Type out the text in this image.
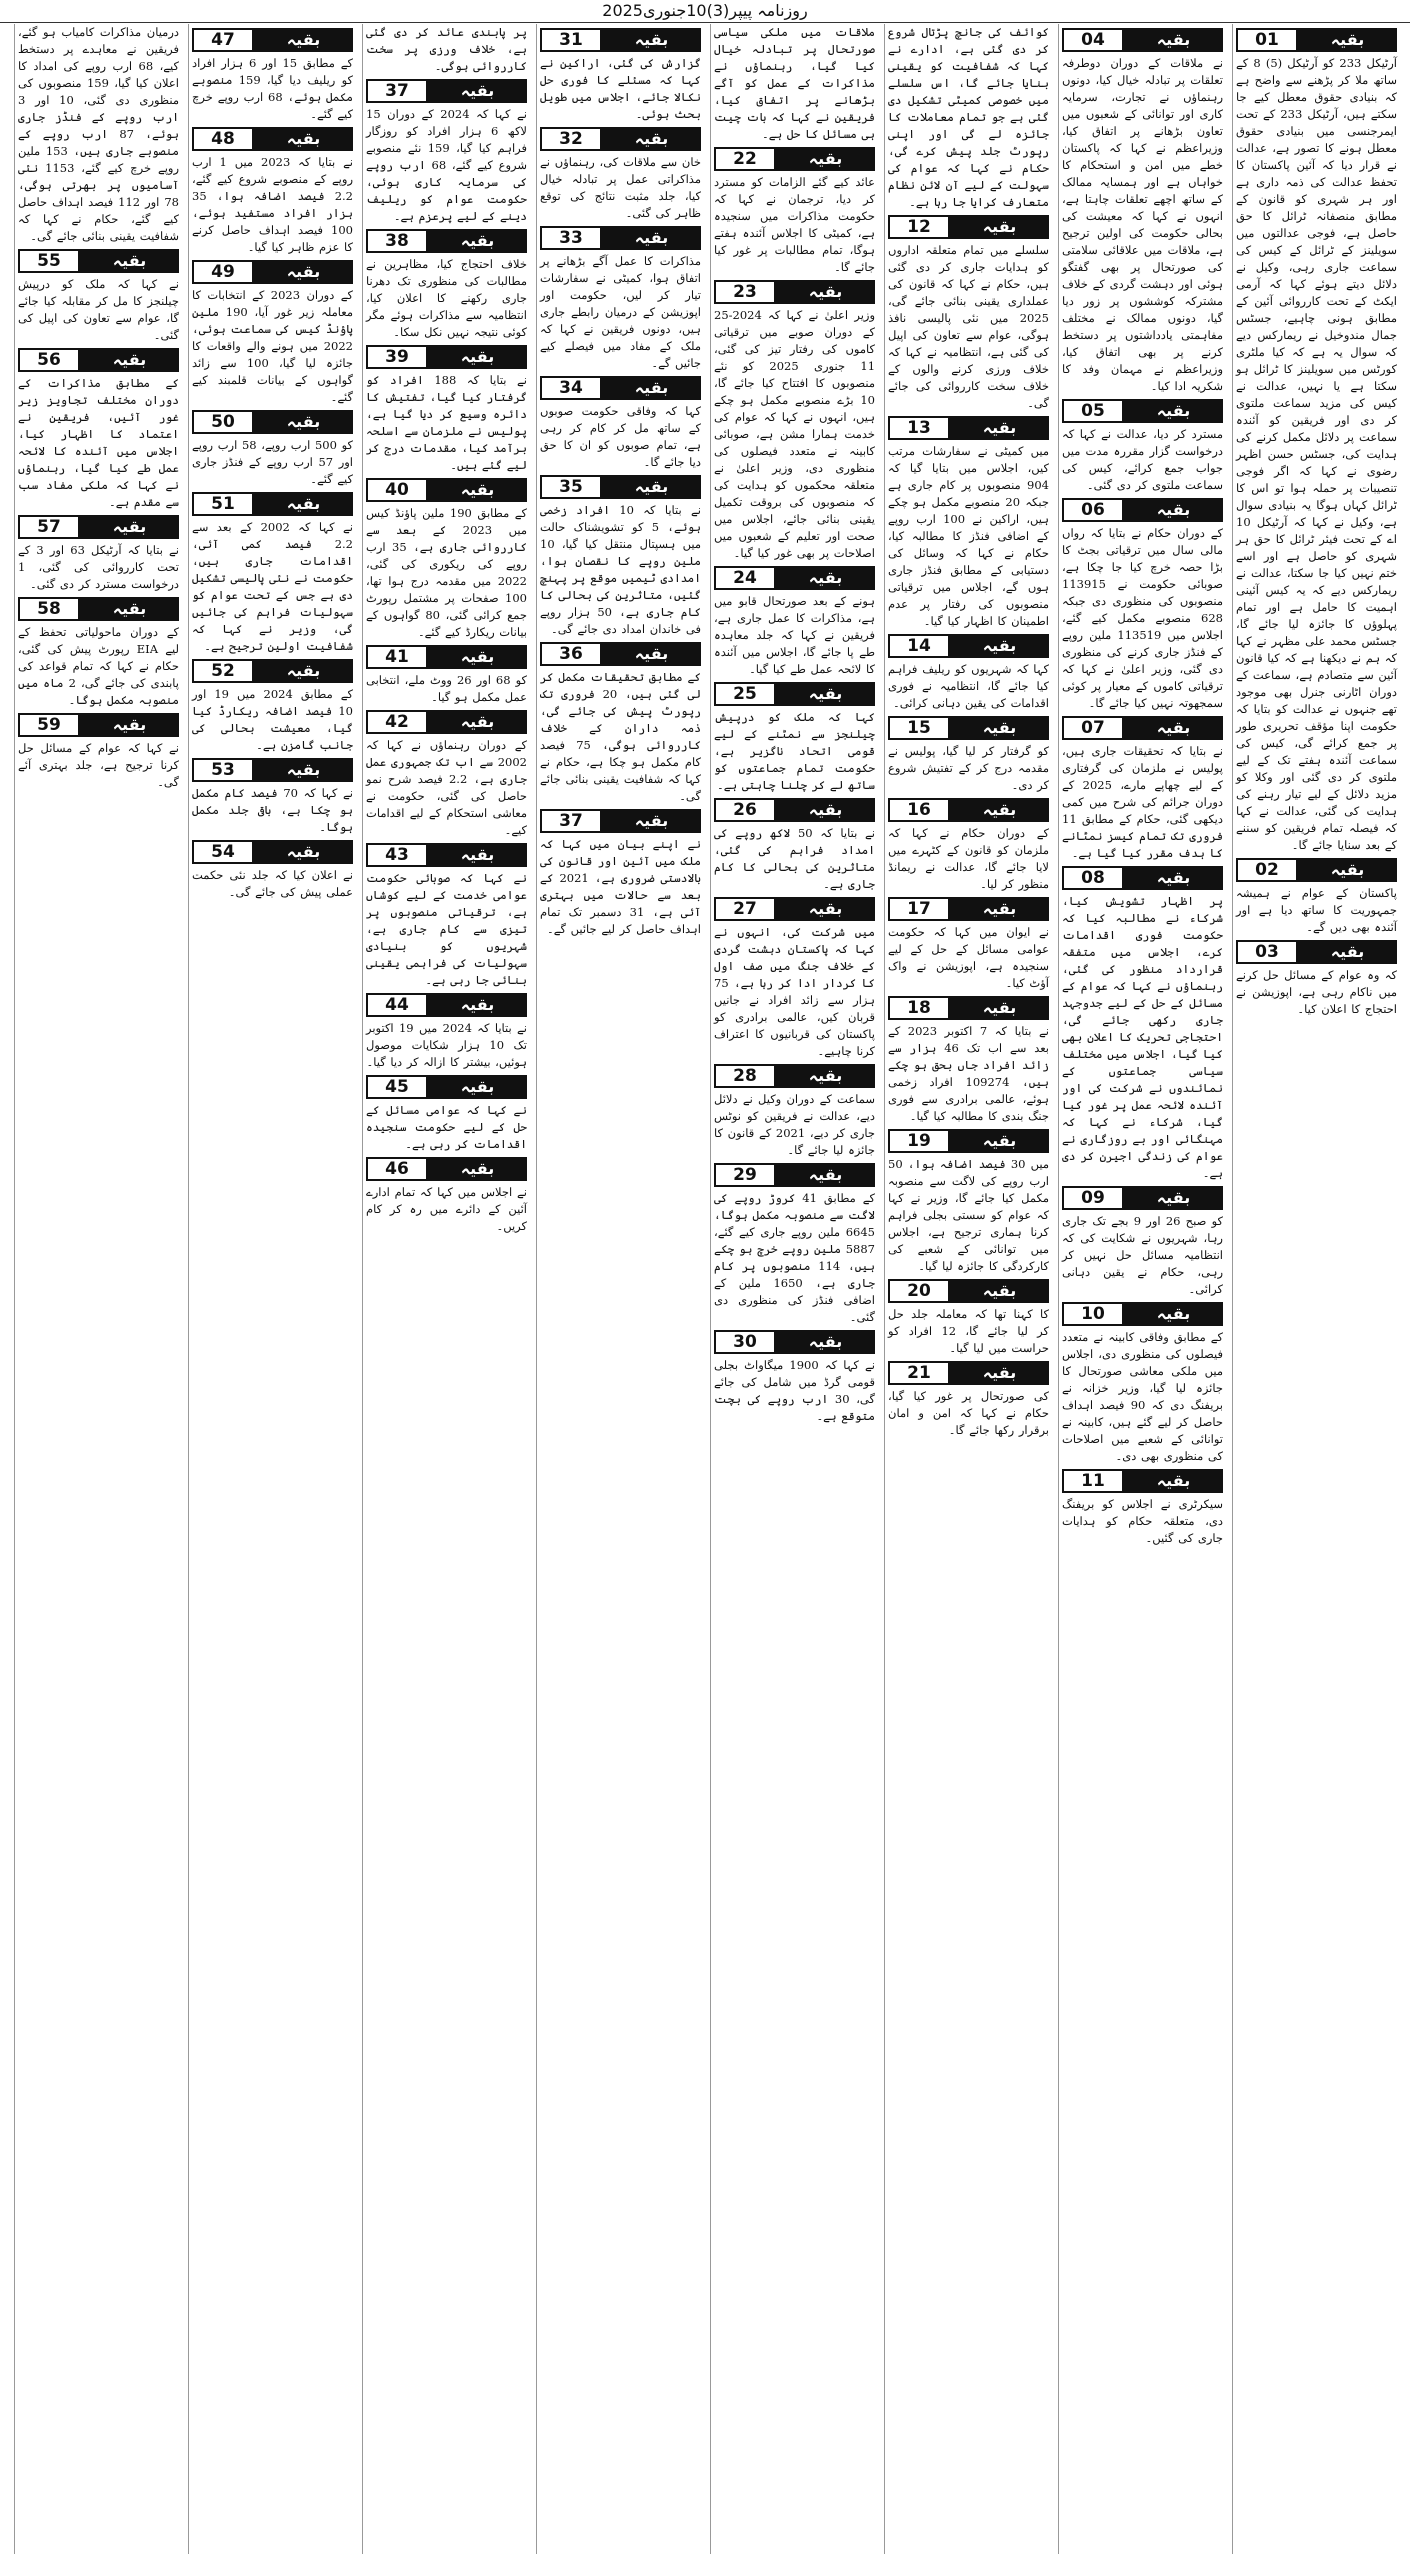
روزنامہ پیپر(3)10جنوری2025
01	بقیہ

آرٹیکل 233 کو آرٹیکل (5) 8 کے ساتھ ملا کر پڑھنے سے واضح ہے کہ بنیادی حقوق معطل کیے جا سکتے ہیں، آرٹیکل 233 کے تحت ایمرجنسی میں بنیادی حقوق معطل ہونے کا تصور ہے، عدالت نے قرار دیا کہ آئین پاکستان کا تحفظ عدالت کی ذمہ داری ہے اور ہر شہری کو قانون کے مطابق منصفانہ ٹرائل کا حق حاصل ہے، فوجی عدالتوں میں سویلینز کے ٹرائل کے کیس کی سماعت جاری رہی، وکیل نے دلائل دیتے ہوئے کہا کہ آرمی ایکٹ کے تحت کارروائی آئین کے مطابق ہونی چاہیے، جسٹس جمال مندوخیل نے ریمارکس دیے کہ سوال یہ ہے کہ کیا ملٹری کورٹس میں سویلینز کا ٹرائل ہو سکتا ہے یا نہیں، عدالت نے کیس کی مزید سماعت ملتوی کر دی اور فریقین کو آئندہ سماعت پر دلائل مکمل کرنے کی ہدایت کی، جسٹس حسن اظہر رضوی نے کہا کہ اگر فوجی تنصیبات پر حملہ ہوا تو اس کا ٹرائل کہاں ہوگا یہ بنیادی سوال ہے، وکیل نے کہا کہ آرٹیکل 10 اے کے تحت فیئر ٹرائل کا حق ہر شہری کو حاصل ہے اور اسے ختم نہیں کیا جا سکتا، عدالت نے ریمارکس دیے کہ یہ کیس آئینی اہمیت کا حامل ہے اور تمام پہلوؤں کا جائزہ لیا جائے گا، جسٹس محمد علی مظہر نے کہا کہ ہم نے دیکھنا ہے کہ کیا قانون آئین سے متصادم ہے، سماعت کے دوران اٹارنی جنرل بھی موجود تھے جنہوں نے عدالت کو بتایا کہ حکومت اپنا مؤقف تحریری طور پر جمع کرائے گی، کیس کی سماعت آئندہ ہفتے تک کے لیے ملتوی کر دی گئی اور وکلا کو مزید دلائل کے لیے تیار رہنے کی ہدایت کی گئی، عدالت نے کہا کہ فیصلہ تمام فریقین کو سننے کے بعد سنایا جائے گا۔

02	بقیہ

پاکستان کے عوام نے ہمیشہ جمہوریت کا ساتھ دیا ہے اور آئندہ بھی دیں گے۔

03	بقیہ

کہ وہ عوام کے مسائل حل کرنے میں ناکام رہی ہے، اپوزیشن نے احتجاج کا اعلان کیا۔

04	بقیہ

نے ملاقات کے دوران دوطرفہ تعلقات پر تبادلہ خیال کیا، دونوں رہنماؤں نے تجارت، سرمایہ کاری اور توانائی کے شعبوں میں تعاون بڑھانے پر اتفاق کیا، وزیراعظم نے کہا کہ پاکستان خطے میں امن و استحکام کا خواہاں ہے اور ہمسایہ ممالک کے ساتھ اچھے تعلقات چاہتا ہے، انہوں نے کہا کہ معیشت کی بحالی حکومت کی اولین ترجیح ہے، ملاقات میں علاقائی سلامتی کی صورتحال پر بھی گفتگو ہوئی اور دہشت گردی کے خلاف مشترکہ کوششوں پر زور دیا گیا، دونوں ممالک نے مختلف مفاہمتی یادداشتوں پر دستخط کرنے پر بھی اتفاق کیا، وزیراعظم نے مہمان وفد کا شکریہ ادا کیا۔

05	بقیہ

مسترد کر دیا، عدالت نے کہا کہ درخواست گزار مقررہ مدت میں جواب جمع کرائے، کیس کی سماعت ملتوی کر دی گئی۔

06	بقیہ

کے دوران حکام نے بتایا کہ رواں مالی سال میں ترقیاتی بجٹ کا بڑا حصہ خرچ کیا جا چکا ہے، صوبائی حکومت نے 113915 منصوبوں کی منظوری دی جبکہ 628 منصوبے مکمل کیے گئے، اجلاس میں 113519 ملین روپے کے فنڈز جاری کرنے کی منظوری دی گئی، وزیر اعلیٰ نے کہا کہ ترقیاتی کاموں کے معیار پر کوئی سمجھوتہ نہیں کیا جائے گا۔

07	بقیہ

نے بتایا کہ تحقیقات جاری ہیں، پولیس نے ملزمان کی گرفتاری کے لیے چھاپے مارے، 2025 کے دوران جرائم کی شرح میں کمی دیکھی گئی، حکام کے مطابق 11 فروری تک تمام کیسز نمٹانے کا ہدف مقرر کیا گیا ہے۔

08	بقیہ

پر اظہار تشویش کیا، شرکاء نے مطالبہ کیا کہ حکومت فوری اقدامات کرے، اجلاس میں متفقہ قرارداد منظور کی گئی، رہنماؤں نے کہا کہ عوام کے مسائل کے حل کے لیے جدوجہد جاری رکھی جائے گی، احتجاجی تحریک کا اعلان بھی کیا گیا، اجلاس میں مختلف سیاسی جماعتوں کے نمائندوں نے شرکت کی اور آئندہ لائحہ عمل پر غور کیا گیا، شرکاء نے کہا کہ مہنگائی اور بے روزگاری نے عوام کی زندگی اجیرن کر دی ہے۔

09	بقیہ

کو صبح 26 اور 9 بجے تک جاری رہا، شہریوں نے شکایت کی کہ انتظامیہ مسائل حل نہیں کر رہی، حکام نے یقین دہانی کرائی۔

10	بقیہ

کے مطابق وفاقی کابینہ نے متعدد فیصلوں کی منظوری دی، اجلاس میں ملکی معاشی صورتحال کا جائزہ لیا گیا، وزیر خزانہ نے بریفنگ دی کہ 90 فیصد اہداف حاصل کر لیے گئے ہیں، کابینہ نے توانائی کے شعبے میں اصلاحات کی منظوری بھی دی۔

11	بقیہ

سیکرٹری نے اجلاس کو بریفنگ دی، متعلقہ حکام کو ہدایات جاری کی گئیں۔

کوائف کی جانچ پڑتال شروع کر دی گئی ہے، ادارے نے کہا کہ شفافیت کو یقینی بنایا جائے گا، اس سلسلے میں خصوصی کمیٹی تشکیل دی گئی ہے جو تمام معاملات کا جائزہ لے گی اور اپنی رپورٹ جلد پیش کرے گی، حکام نے کہا کہ عوام کی سہولت کے لیے آن لائن نظام متعارف کرایا جا رہا ہے۔

12	بقیہ

سلسلے میں تمام متعلقہ اداروں کو ہدایات جاری کر دی گئی ہیں، حکام نے کہا کہ قانون کی عملداری یقینی بنائی جائے گی، 2025 میں نئی پالیسی نافذ ہوگی، عوام سے تعاون کی اپیل کی گئی ہے، انتظامیہ نے کہا کہ خلاف ورزی کرنے والوں کے خلاف سخت کارروائی کی جائے گی۔

13	بقیہ

میں کمیٹی نے سفارشات مرتب کیں، اجلاس میں بتایا گیا کہ 904 منصوبوں پر کام جاری ہے جبکہ 20 منصوبے مکمل ہو چکے ہیں، اراکین نے 100 ارب روپے کے اضافی فنڈز کا مطالبہ کیا، حکام نے کہا کہ وسائل کی دستیابی کے مطابق فنڈز جاری ہوں گے، اجلاس میں ترقیاتی منصوبوں کی رفتار پر عدم اطمینان کا اظہار کیا گیا۔

14	بقیہ

کہا کہ شہریوں کو ریلیف فراہم کیا جائے گا، انتظامیہ نے فوری اقدامات کی یقین دہانی کرائی۔

15	بقیہ

کو گرفتار کر لیا گیا، پولیس نے مقدمہ درج کر کے تفتیش شروع کر دی۔

16	بقیہ

کے دوران حکام نے کہا کہ ملزمان کو قانون کے کٹہرے میں لایا جائے گا، عدالت نے ریمانڈ منظور کر لیا۔

17	بقیہ

نے ایوان میں کہا کہ حکومت عوامی مسائل کے حل کے لیے سنجیدہ ہے، اپوزیشن نے واک آؤٹ کیا۔

18	بقیہ

نے بتایا کہ 7 اکتوبر 2023 کے بعد سے اب تک 46 ہزار سے زائد افراد جاں بحق ہو چکے ہیں، 109274 افراد زخمی ہوئے، عالمی برادری سے فوری جنگ بندی کا مطالبہ کیا گیا۔

19	بقیہ

میں 30 فیصد اضافہ ہوا، 50 ارب روپے کی لاگت سے منصوبہ مکمل کیا جائے گا، وزیر نے کہا کہ عوام کو سستی بجلی فراہم کرنا ہماری ترجیح ہے، اجلاس میں توانائی کے شعبے کی کارکردگی کا جائزہ لیا گیا۔

20	بقیہ

کا کہنا تھا کہ معاملہ جلد حل کر لیا جائے گا، 12 افراد کو حراست میں لیا گیا۔

21	بقیہ

کی صورتحال پر غور کیا گیا، حکام نے کہا کہ امن و امان برقرار رکھا جائے گا۔

ملاقات میں ملکی سیاسی صورتحال پر تبادلہ خیال کیا گیا، رہنماؤں نے مذاکرات کے عمل کو آگے بڑھانے پر اتفاق کیا، فریقین نے کہا کہ بات چیت ہی مسائل کا حل ہے۔

22	بقیہ

عائد کیے گئے الزامات کو مسترد کر دیا، ترجمان نے کہا کہ حکومت مذاکرات میں سنجیدہ ہے، کمیٹی کا اجلاس آئندہ ہفتے ہوگا، تمام مطالبات پر غور کیا جائے گا۔

23	بقیہ

وزیر اعلیٰ نے کہا کہ 2024-25 کے دوران صوبے میں ترقیاتی کاموں کی رفتار تیز کی گئی، 11 جنوری 2025 کو نئے منصوبوں کا افتتاح کیا جائے گا، 10 بڑے منصوبے مکمل ہو چکے ہیں، انہوں نے کہا کہ عوام کی خدمت ہمارا مشن ہے، صوبائی کابینہ نے متعدد فیصلوں کی منظوری دی، وزیر اعلیٰ نے متعلقہ محکموں کو ہدایت کی کہ منصوبوں کی بروقت تکمیل یقینی بنائی جائے، اجلاس میں صحت اور تعلیم کے شعبوں میں اصلاحات پر بھی غور کیا گیا۔

24	بقیہ

ہونے کے بعد صورتحال قابو میں ہے، مذاکرات کا عمل جاری ہے، فریقین نے کہا کہ جلد معاہدہ طے پا جائے گا، اجلاس میں آئندہ کا لائحہ عمل طے کیا گیا۔

25	بقیہ

کہا کہ ملک کو درپیش چیلنجز سے نمٹنے کے لیے قومی اتحاد ناگزیر ہے، حکومت تمام جماعتوں کو ساتھ لے کر چلنا چاہتی ہے۔

26	بقیہ

نے بتایا کہ 50 لاکھ روپے کی امداد فراہم کی گئی، متاثرین کی بحالی کا کام جاری ہے۔

27	بقیہ

میں شرکت کی، انہوں نے کہا کہ پاکستان دہشت گردی کے خلاف جنگ میں صف اول کا کردار ادا کر رہا ہے، 75 ہزار سے زائد افراد نے جانیں قربان کیں، عالمی برادری کو پاکستان کی قربانیوں کا اعتراف کرنا چاہیے۔

28	بقیہ

سماعت کے دوران وکیل نے دلائل دیے، عدالت نے فریقین کو نوٹس جاری کر دیے، 2021 کے قانون کا جائزہ لیا جائے گا۔

29	بقیہ

کے مطابق 41 کروڑ روپے کی لاگت سے منصوبہ مکمل ہوگا، 6645 ملین روپے جاری کیے گئے، 5887 ملین روپے خرچ ہو چکے ہیں، 114 منصوبوں پر کام جاری ہے، 1650 ملین کے اضافی فنڈز کی منظوری دی گئی۔

30	بقیہ

نے کہا کہ 1900 میگاواٹ بجلی قومی گرڈ میں شامل کی جائے گی، 30 ارب روپے کی بچت متوقع ہے۔

31	بقیہ

گزارش کی گئی، اراکین نے کہا کہ مسئلے کا فوری حل نکالا جائے، اجلاس میں طویل بحث ہوئی۔

32	بقیہ

خان سے ملاقات کی، رہنماؤں نے مذاکراتی عمل پر تبادلہ خیال کیا، جلد مثبت نتائج کی توقع ظاہر کی گئی۔

33	بقیہ

مذاکرات کا عمل آگے بڑھانے پر اتفاق ہوا، کمیٹی نے سفارشات تیار کر لیں، حکومت اور اپوزیشن کے درمیان رابطے جاری ہیں، دونوں فریقین نے کہا کہ ملک کے مفاد میں فیصلے کیے جائیں گے۔

34	بقیہ

کہا کہ وفاقی حکومت صوبوں کے ساتھ مل کر کام کر رہی ہے، تمام صوبوں کو ان کا حق دیا جائے گا۔

35	بقیہ

نے بتایا کہ 10 افراد زخمی ہوئے، 5 کو تشویشناک حالت میں ہسپتال منتقل کیا گیا، 10 ملین روپے کا نقصان ہوا، امدادی ٹیمیں موقع پر پہنچ گئیں، متاثرین کی بحالی کا کام جاری ہے، 50 ہزار روپے فی خاندان امداد دی جائے گی۔

36	بقیہ

کے مطابق تحقیقات مکمل کر لی گئی ہیں، 20 فروری تک رپورٹ پیش کی جائے گی، ذمہ داران کے خلاف کارروائی ہوگی، 75 فیصد کام مکمل ہو چکا ہے، حکام نے کہا کہ شفافیت یقینی بنائی جائے گی۔

37	بقیہ

نے اپنے بیان میں کہا کہ ملک میں آئین اور قانون کی بالادستی ضروری ہے، 2021 کے بعد سے حالات میں بہتری آئی ہے، 31 دسمبر تک تمام اہداف حاصل کر لیے جائیں گے۔

پر پابندی عائد کر دی گئی ہے، خلاف ورزی پر سخت کارروائی ہوگی۔

37	بقیہ

نے کہا کہ 2024 کے دوران 15 لاکھ 6 ہزار افراد کو روزگار فراہم کیا گیا، 159 نئے منصوبے شروع کیے گئے، 68 ارب روپے کی سرمایہ کاری ہوئی، حکومت عوام کو ریلیف دینے کے لیے پرعزم ہے۔

38	بقیہ

خلاف احتجاج کیا، مظاہرین نے مطالبات کی منظوری تک دھرنا جاری رکھنے کا اعلان کیا، انتظامیہ سے مذاکرات ہوئے مگر کوئی نتیجہ نہیں نکل سکا۔

39	بقیہ

نے بتایا کہ 188 افراد کو گرفتار کیا گیا، تفتیش کا دائرہ وسیع کر دیا گیا ہے، پولیس نے ملزمان سے اسلحہ برآمد کیا، مقدمات درج کر لیے گئے ہیں۔

40	بقیہ

کے مطابق 190 ملین پاؤنڈ کیس میں 2023 کے بعد سے کارروائی جاری ہے، 35 ارب روپے کی ریکوری کی گئی، 2022 میں مقدمہ درج ہوا تھا، 100 صفحات پر مشتمل رپورٹ جمع کرائی گئی، 80 گواہوں کے بیانات ریکارڈ کیے گئے۔

41	بقیہ

کو 68 اور 26 ووٹ ملے، انتخابی عمل مکمل ہو گیا۔

42	بقیہ

کے دوران رہنماؤں نے کہا کہ 2002 سے اب تک جمہوری عمل جاری ہے، 2.2 فیصد شرح نمو حاصل کی گئی، حکومت نے معاشی استحکام کے لیے اقدامات کیے۔

43	بقیہ

نے کہا کہ صوبائی حکومت عوامی خدمت کے لیے کوشاں ہے، ترقیاتی منصوبوں پر تیزی سے کام جاری ہے، شہریوں کو بنیادی سہولیات کی فراہمی یقینی بنائی جا رہی ہے۔

44	بقیہ

نے بتایا کہ 2024 میں 19 اکتوبر تک 10 ہزار شکایات موصول ہوئیں، بیشتر کا ازالہ کر دیا گیا۔

45	بقیہ

نے کہا کہ عوامی مسائل کے حل کے لیے حکومت سنجیدہ اقدامات کر رہی ہے۔

46	بقیہ

نے اجلاس میں کہا کہ تمام ادارے آئین کے دائرے میں رہ کر کام کریں۔

47	بقیہ

کے مطابق 15 اور 6 ہزار افراد کو ریلیف دیا گیا، 159 منصوبے مکمل ہوئے، 68 ارب روپے خرچ کیے گئے۔

48	بقیہ

نے بتایا کہ 2023 میں 1 ارب روپے کے منصوبے شروع کیے گئے، 2.2 فیصد اضافہ ہوا، 35 ہزار افراد مستفید ہوئے، 100 فیصد اہداف حاصل کرنے کا عزم ظاہر کیا گیا۔

49	بقیہ

کے دوران 2023 کے انتخابات کا معاملہ زیر غور آیا، 190 ملین پاؤنڈ کیس کی سماعت ہوئی، 2022 میں ہونے والے واقعات کا جائزہ لیا گیا، 100 سے زائد گواہوں کے بیانات قلمبند کیے گئے۔

50	بقیہ

کو 500 ارب روپے، 58 ارب روپے اور 57 ارب روپے کے فنڈز جاری کیے گئے۔

51	بقیہ

نے کہا کہ 2002 کے بعد سے 2.2 فیصد کمی آئی، اقدامات جاری ہیں، حکومت نے نئی پالیسی تشکیل دی ہے جس کے تحت عوام کو سہولیات فراہم کی جائیں گی، وزیر نے کہا کہ شفافیت اولین ترجیح ہے۔

52	بقیہ

کے مطابق 2024 میں 19 اور 10 فیصد اضافہ ریکارڈ کیا گیا، معیشت بحالی کی جانب گامزن ہے۔

53	بقیہ

نے کہا کہ 70 فیصد کام مکمل ہو چکا ہے، باقی جلد مکمل ہوگا۔

54	بقیہ

نے اعلان کیا کہ جلد نئی حکمت عملی پیش کی جائے گی۔

درمیان مذاکرات کامیاب ہو گئے، فریقین نے معاہدے پر دستخط کیے، 68 ارب روپے کی امداد کا اعلان کیا گیا، 159 منصوبوں کی منظوری دی گئی، 10 اور 3 ارب روپے کے فنڈز جاری ہوئے، 87 ارب روپے کے منصوبے جاری ہیں، 153 ملین روپے خرچ کیے گئے، 1153 نئی آسامیوں پر بھرتی ہوگی، 78 اور 112 فیصد اہداف حاصل کیے گئے، حکام نے کہا کہ شفافیت یقینی بنائی جائے گی۔

55	بقیہ

نے کہا کہ ملک کو درپیش چیلنجز کا مل کر مقابلہ کیا جائے گا، عوام سے تعاون کی اپیل کی گئی۔

56	بقیہ

کے مطابق مذاکرات کے دوران مختلف تجاویز زیر غور آئیں، فریقین نے اعتماد کا اظہار کیا، اجلاس میں آئندہ کا لائحہ عمل طے کیا گیا، رہنماؤں نے کہا کہ ملکی مفاد سب سے مقدم ہے۔

57	بقیہ

نے بتایا کہ آرٹیکل 63 اور 3 کے تحت کارروائی کی گئی، 1 درخواست مسترد کر دی گئی۔

58	بقیہ

کے دوران ماحولیاتی تحفظ کے لیے EIA رپورٹ پیش کی گئی، حکام نے کہا کہ تمام قواعد کی پابندی کی جائے گی، 2 ماہ میں منصوبہ مکمل ہوگا۔

59	بقیہ

نے کہا کہ عوام کے مسائل حل کرنا ترجیح ہے، جلد بہتری آئے گی۔
